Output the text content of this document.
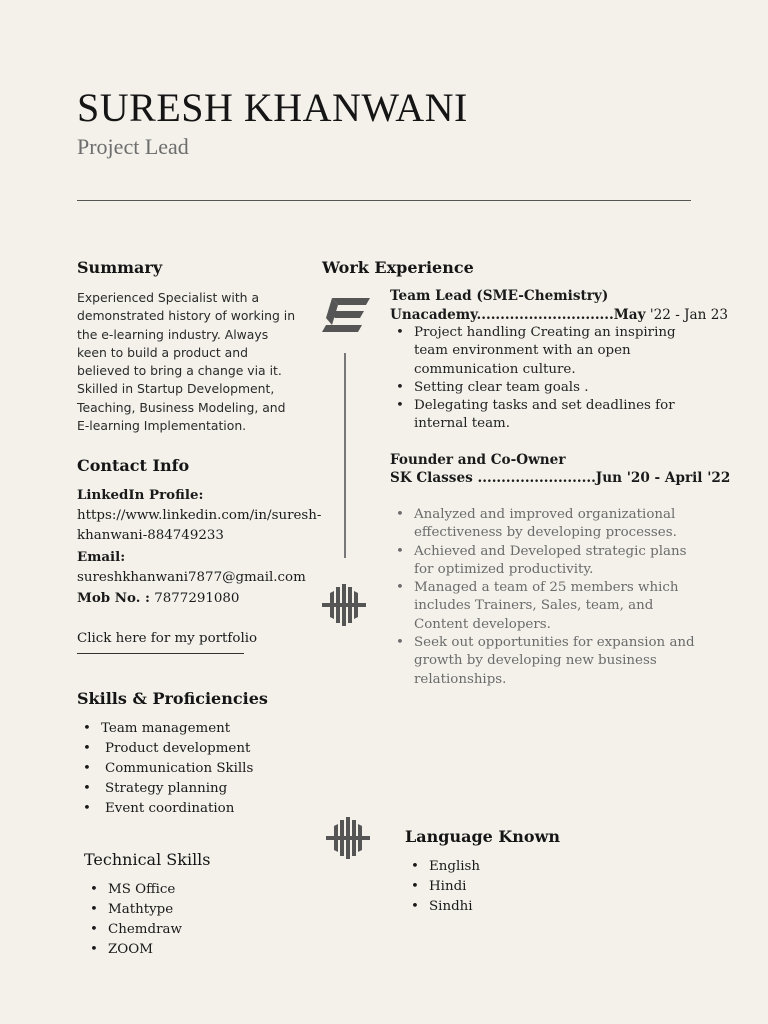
SURESH KHANWANI
Project Lead
Summary
Experienced Specialist with a
demonstrated history of working in
the e-learning industry. Always
keen to build a product and
believed to bring a change via it.
Skilled in Startup Development,
Teaching, Business Modeling, and
E-learning Implementation.
Contact Info
LinkedIn Profile:
https://www.linkedin.com/in/suresh-
khanwani-884749233
Email:
sureshkhanwani7877@gmail.com
Mob No. : 7877291080
Click here for my portfolio
Skills & Proficiencies
• Team management
• Product development
• Communication Skills
• Strategy planning
• Event coordination
Technical Skills
• MS Office
• Mathtype
• Chemdraw
• ZOOM
Work Experience
Team Lead (SME-Chemistry)
Unacademy.............................May '22 - Jan 23
• Project handling Creating an inspiring team environment with an open communication culture.
• Setting clear team goals .
• Delegating tasks and set deadlines for internal team.
Founder and Co-Owner
SK Classes .........................Jun '20 - April '22
• Analyzed and improved organizational effectiveness by developing processes.
• Achieved and Developed strategic plans for optimized productivity.
• Managed a team of 25 members which includes Trainers, Sales, team, and Content developers.
• Seek out opportunities for expansion and growth by developing new business relationships.
Language Known
• English
• Hindi
• Sindhi
